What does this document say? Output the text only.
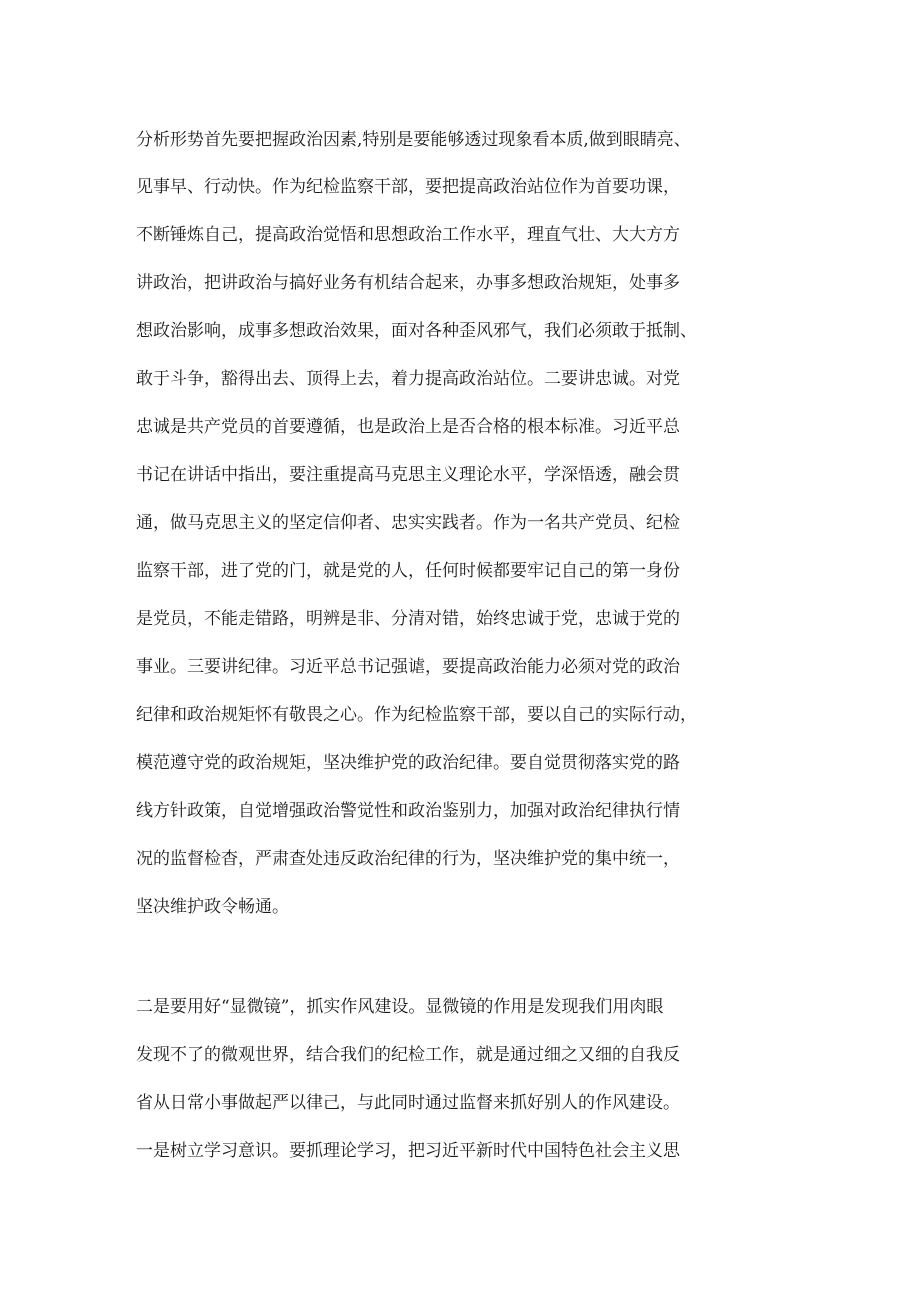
分析形势首先要把握政治因素,特别是要能够透过现象看本质,做到眼睛亮、

见事早、行动快。作为纪检监察干部，要把提高政治站位作为首要功课，

不断锤炼自己，提高政治觉悟和思想政治工作水平，理直气壮、大大方方

讲政治，把讲政治与搞好业务有机结合起来，办事多想政治规矩，处事多

想政治影响，成事多想政治效果，面对各种歪风邪气，我们必须敢于抵制、

敢于斗争，豁得出去、顶得上去，着力提高政治站位。二要讲忠诚。对党

忠诚是共产党员的首要遵循，也是政治上是否合格的根本标准。习近平总

书记在讲话中指出，要注重提高马克思主义理论水平，学深悟透，融会贯

通，做马克思主义的坚定信仰者、忠实实践者。作为一名共产党员、纪检

监察干部，进了党的门，就是党的人，任何时候都要牢记自己的第一身份

是党员，不能走错路，明辨是非、分清对错，始终忠诚于党，忠诚于党的

事业。三要讲纪律。习近平总书记强谑，要提高政治能力必须对党的政治

纪律和政治规矩怀有敬畏之心。作为纪检监察干部，要以自己的实际行动，

模范遵守党的政治规矩，坚决维护党的政治纪律。要自觉贯彻落实党的路

线方针政策，自觉增强政治警觉性和政治鉴别力，加强对政治纪律执行情

况的监督检杳，严肃查处违反政治纪律的行为，坚决维护党的集中统一，

坚决维护政令畅通。

二是要用好“显微镜”，抓实作风建设。显微镜的作用是发现我们用肉眼

发现不了的微观世界，结合我们的纪检工作，就是通过细之又细的自我反

省从日常小事做起严以律己，与此同时通过监督来抓好别人的作风建设。

一是树立学习意识。要抓理论学习，把习近平新时代中国特色社会主义思
